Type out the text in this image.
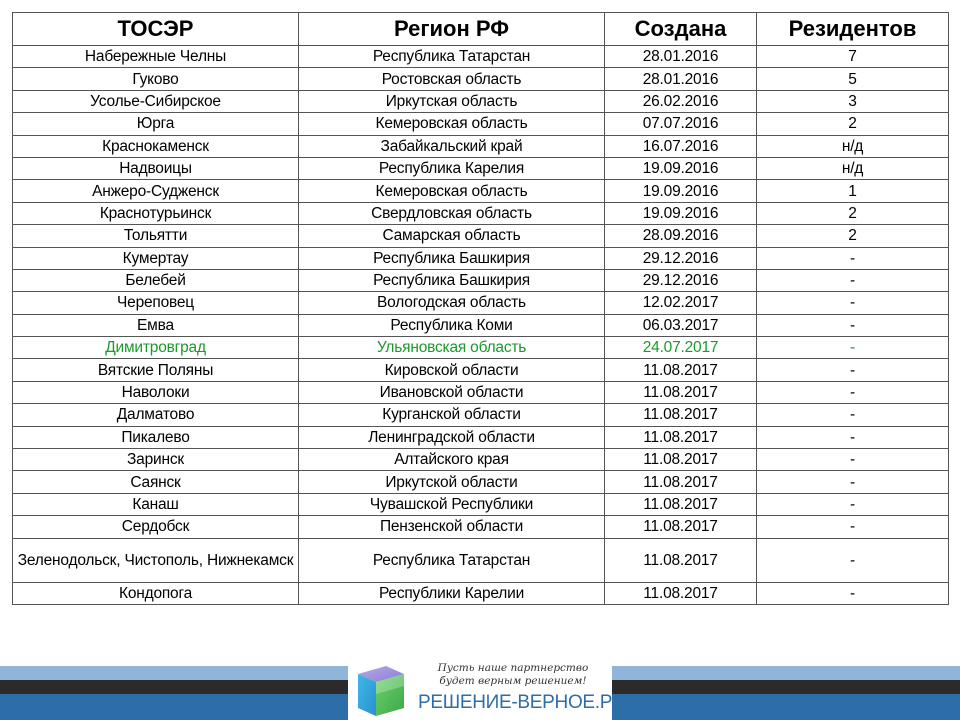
ТОСЭР	Регион РФ	Создана	Резидентов
Набережные Челны	Республика Татарстан	28.01.2016	7
Гуково	Ростовская область	28.01.2016	5
Усолье-Сибирское	Иркутская область	26.02.2016	3
Юрга	Кемеровская область	07.07.2016	2
Краснокаменск	Забайкальский край	16.07.2016	н/д
Надвоицы	Республика Карелия	19.09.2016	н/д
Анжеро-Судженск	Кемеровская область	19.09.2016	1
Краснотурьинск	Свердловская область	19.09.2016	2
Тольятти	Самарская область	28.09.2016	2
Кумертау	Республика Башкирия	29.12.2016	-
Белебей	Республика Башкирия	29.12.2016	-
Череповец	Вологодская область	12.02.2017	-
Емва	Республика Коми	06.03.2017	-
Димитровград	Ульяновская область	24.07.2017	-
Вятские Поляны	Кировской области	11.08.2017	-
Наволоки	Ивановской области	11.08.2017	-
Далматово	Курганской области	11.08.2017	-
Пикалево	Ленинградской области	11.08.2017	-
Заринск	Алтайского края	11.08.2017	-
Саянск	Иркутской области	11.08.2017	-
Канаш	Чувашской Республики	11.08.2017	-
Сердобск	Пензенской области	11.08.2017	-
Зеленодольск, Чистополь, Нижнекамск	Республика Татарстан	11.08.2017	-
Кондопога	Республики Карелии	11.08.2017	-
Пусть наше партнерство
будет верным решением!
РЕШЕНИЕ-ВЕРНОЕ.РФ
